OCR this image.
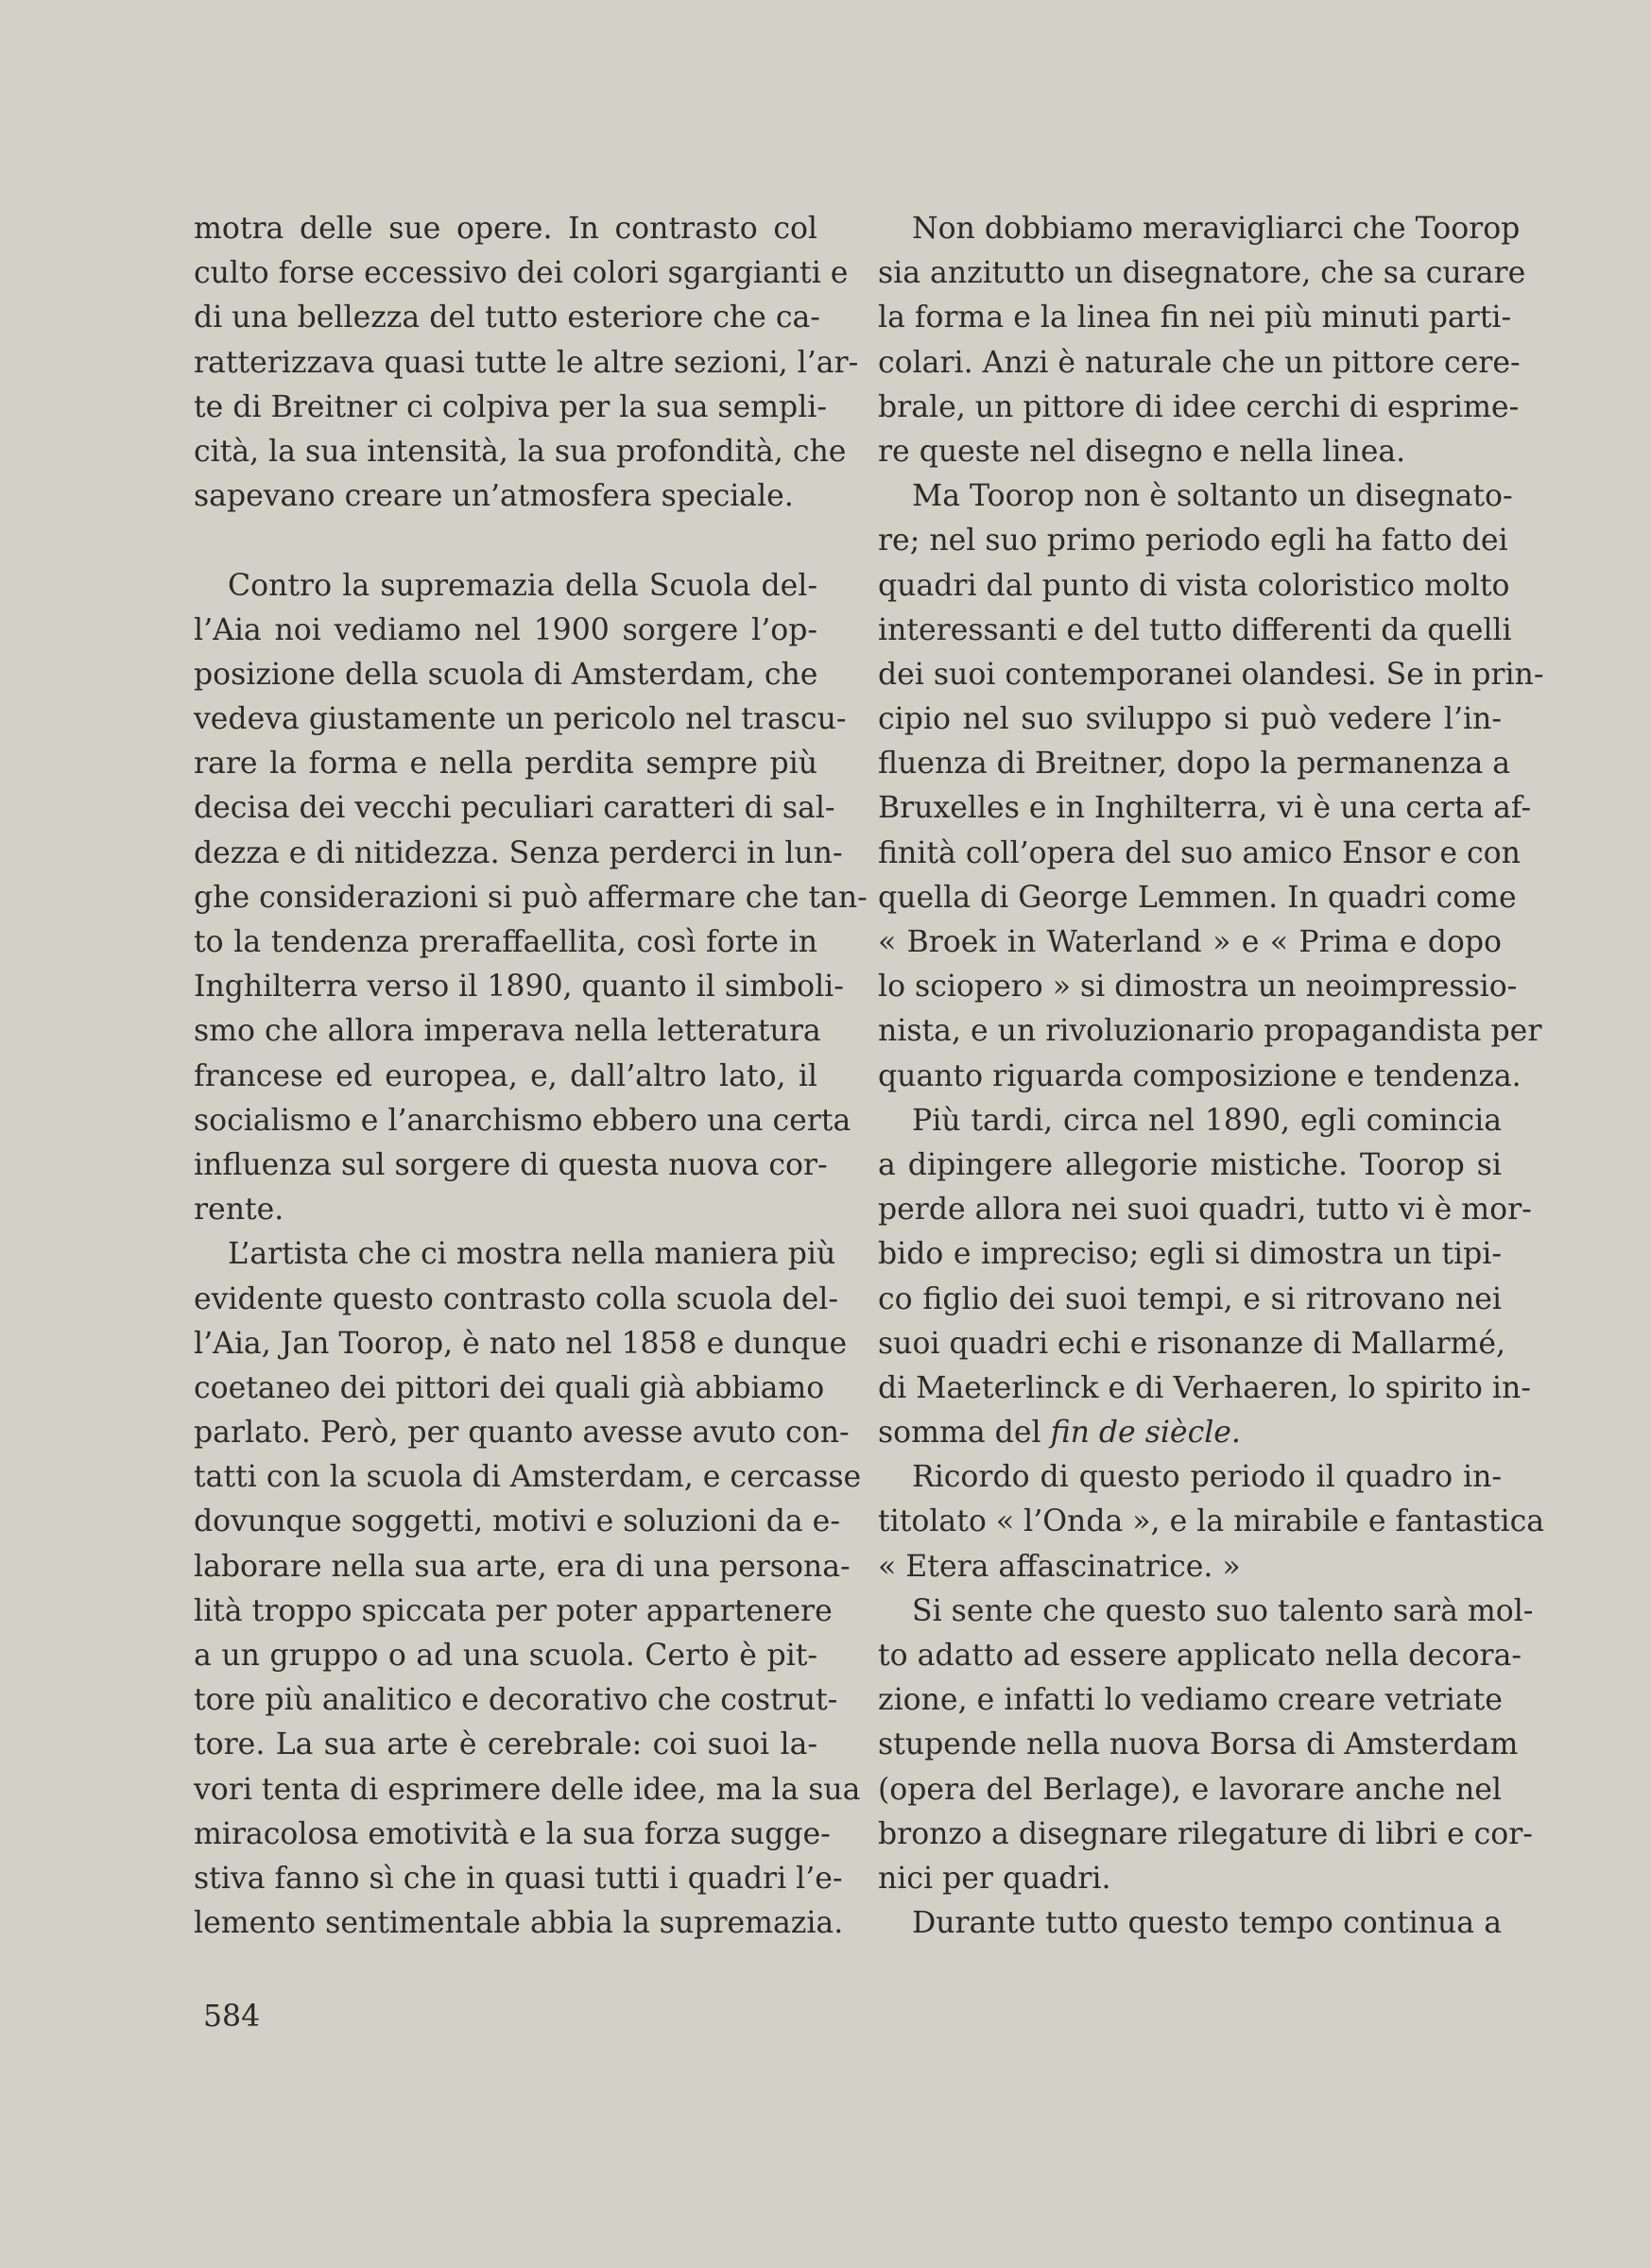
motra delle sue opere. In contrasto col
culto forse eccessivo dei colori sgargianti e
di una bellezza del tutto esteriore che ca-
ratterizzava quasi tutte le altre sezioni, l’ar-
te di Breitner ci colpiva per la sua sempli-
cità, la sua intensità, la sua profondità, che
sapevano creare un’atmosfera speciale.
Contro la supremazia della Scuola del-
l’Aia noi vediamo nel 1900 sorgere l’op-
posizione della scuola di Amsterdam, che
vedeva giustamente un pericolo nel trascu-
rare la forma e nella perdita sempre più
decisa dei vecchi peculiari caratteri di sal-
dezza e di nitidezza. Senza perderci in lun-
ghe considerazioni si può affermare che tan-
to la tendenza preraffaellita, così forte in
Inghilterra verso il 1890, quanto il simboli-
smo che allora imperava nella letteratura
francese ed europea, e, dall’altro lato, il
socialismo e l’anarchismo ebbero una certa
influenza sul sorgere di questa nuova cor-
rente.
L’artista che ci mostra nella maniera più
evidente questo contrasto colla scuola del-
l’Aia, Jan Toorop, è nato nel 1858 e dunque
coetaneo dei pittori dei quali già abbiamo
parlato. Però, per quanto avesse avuto con-
tatti con la scuola di Amsterdam, e cercasse
dovunque soggetti, motivi e soluzioni da e-
laborare nella sua arte, era di una persona-
lità troppo spiccata per poter appartenere
a un gruppo o ad una scuola. Certo è pit-
tore più analitico e decorativo che costrut-
tore. La sua arte è cerebrale: coi suoi la-
vori tenta di esprimere delle idee, ma la sua
miracolosa emotività e la sua forza sugge-
stiva fanno sì che in quasi tutti i quadri l’e-
lemento sentimentale abbia la supremazia.
Non dobbiamo meravigliarci che Toorop
sia anzitutto un disegnatore, che sa curare
la forma e la linea fin nei più minuti parti-
colari. Anzi è naturale che un pittore cere-
brale, un pittore di idee cerchi di esprime-
re queste nel disegno e nella linea.
Ma Toorop non è soltanto un disegnato-
re; nel suo primo periodo egli ha fatto dei
quadri dal punto di vista coloristico molto
interessanti e del tutto differenti da quelli
dei suoi contemporanei olandesi. Se in prin-
cipio nel suo sviluppo si può vedere l’in-
fluenza di Breitner, dopo la permanenza a
Bruxelles e in Inghilterra, vi è una certa af-
finità coll’opera del suo amico Ensor e con
quella di George Lemmen. In quadri come
« Broek in Waterland » e « Prima e dopo
lo sciopero » si dimostra un neoimpressio-
nista, e un rivoluzionario propagandista per
quanto riguarda composizione e tendenza.
Più tardi, circa nel 1890, egli comincia
a dipingere allegorie mistiche. Toorop si
perde allora nei suoi quadri, tutto vi è mor-
bido e impreciso; egli si dimostra un tipi-
co figlio dei suoi tempi, e si ritrovano nei
suoi quadri echi e risonanze di Mallarmé,
di Maeterlinck e di Verhaeren, lo spirito in-
somma del fin de siècle.
Ricordo di questo periodo il quadro in-
titolato « l’Onda », e la mirabile e fantastica
« Etera affascinatrice. »
Si sente che questo suo talento sarà mol-
to adatto ad essere applicato nella decora-
zione, e infatti lo vediamo creare vetriate
stupende nella nuova Borsa di Amsterdam
(opera del Berlage), e lavorare anche nel
bronzo a disegnare rilegature di libri e cor-
nici per quadri.
Durante tutto questo tempo continua a
584
